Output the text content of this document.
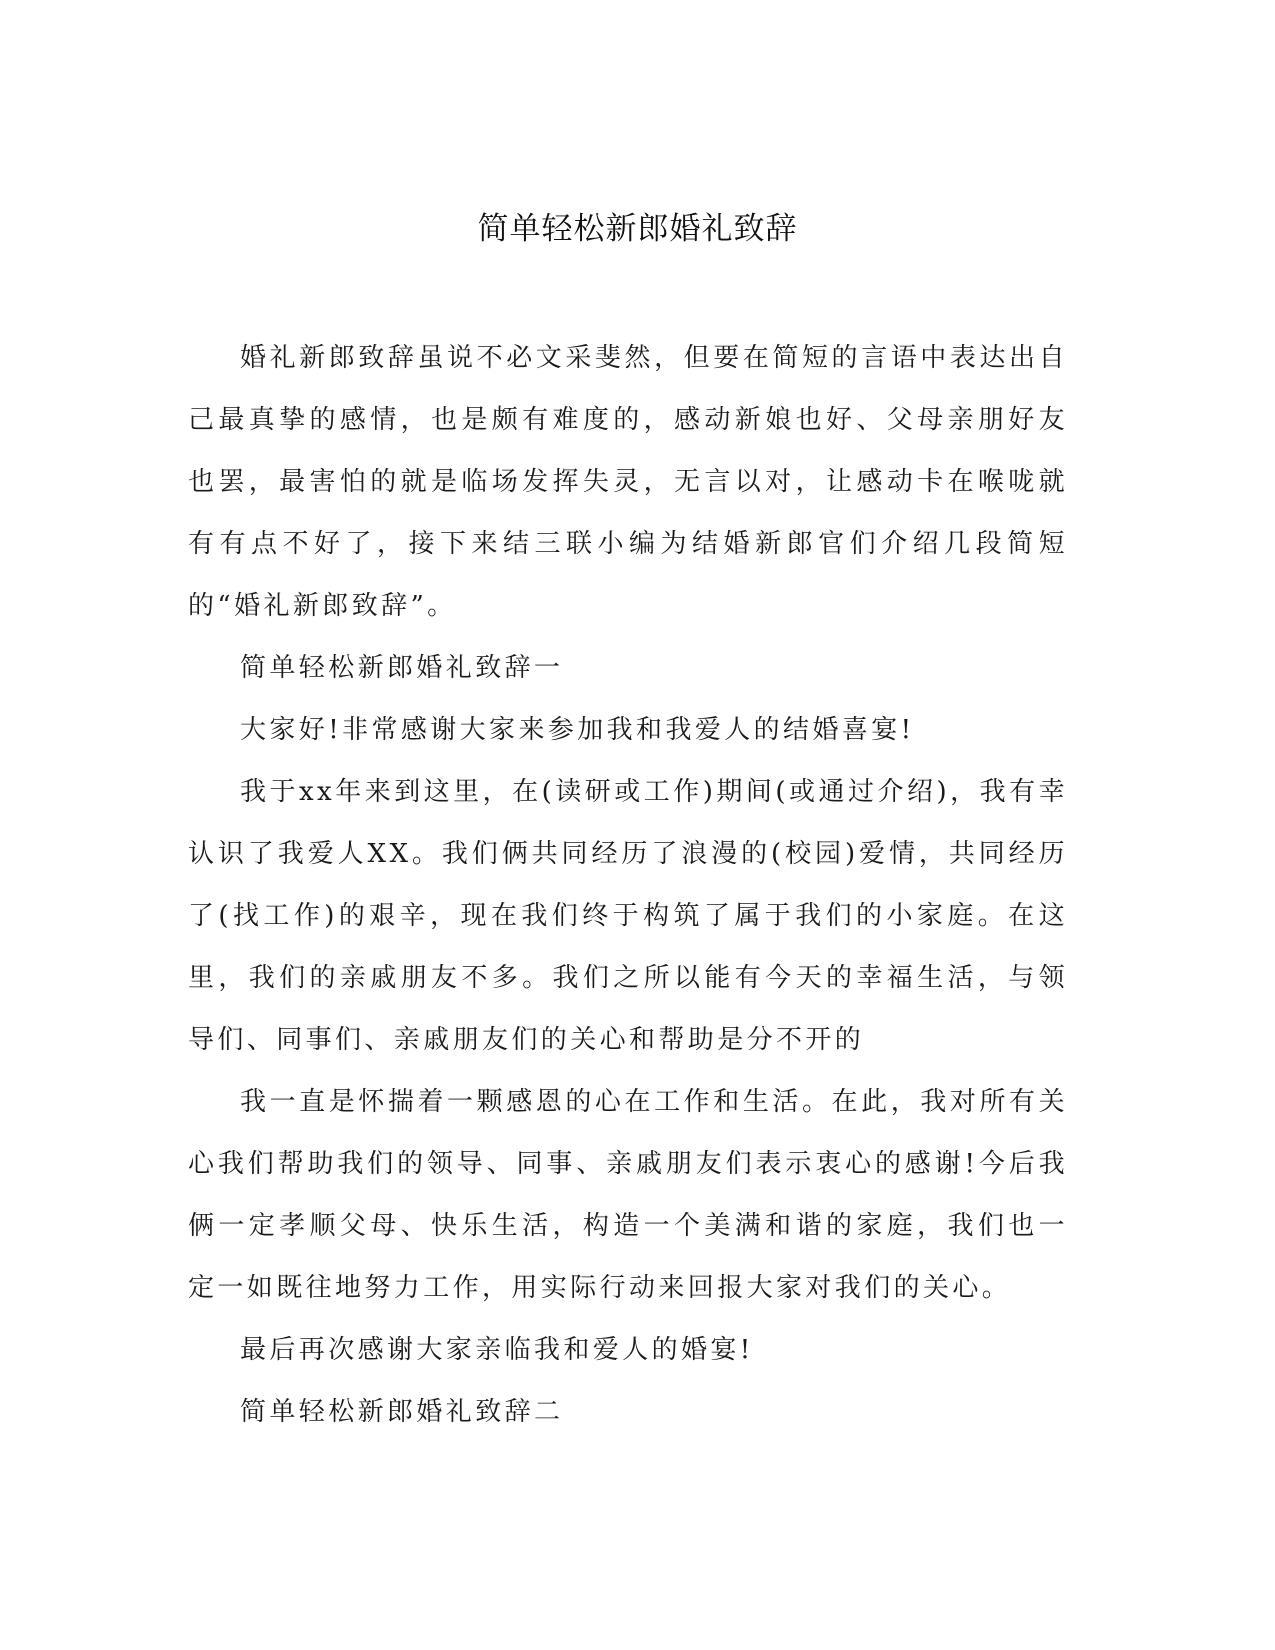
简单轻松新郎婚礼致辞

婚礼新郎致辞虽说不必文采斐然，但要在简短的言语中表达出自己最真挚的感情，也是颇有难度的，感动新娘也好、父母亲朋好友也罢，最害怕的就是临场发挥失灵，无言以对，让感动卡在喉咙就有有点不好了，接下来结三联小编为结婚新郎官们介绍几段简短的“婚礼新郎致辞”。

简单轻松新郎婚礼致辞一

大家好!非常感谢大家来参加我和我爱人的结婚喜宴!

我于xx年来到这里，在(读研或工作)期间(或通过介绍)，我有幸认识了我爱人XX。我们俩共同经历了浪漫的(校园)爱情，共同经历了(找工作)的艰辛，现在我们终于构筑了属于我们的小家庭。在这里，我们的亲戚朋友不多。我们之所以能有今天的幸福生活，与领导们、同事们、亲戚朋友们的关心和帮助是分不开的

我一直是怀揣着一颗感恩的心在工作和生活。在此，我对所有关心我们帮助我们的领导、同事、亲戚朋友们表示衷心的感谢!今后我俩一定孝顺父母、快乐生活，构造一个美满和谐的家庭，我们也一定一如既往地努力工作，用实际行动来回报大家对我们的关心。

最后再次感谢大家亲临我和爱人的婚宴!

简单轻松新郎婚礼致辞二
